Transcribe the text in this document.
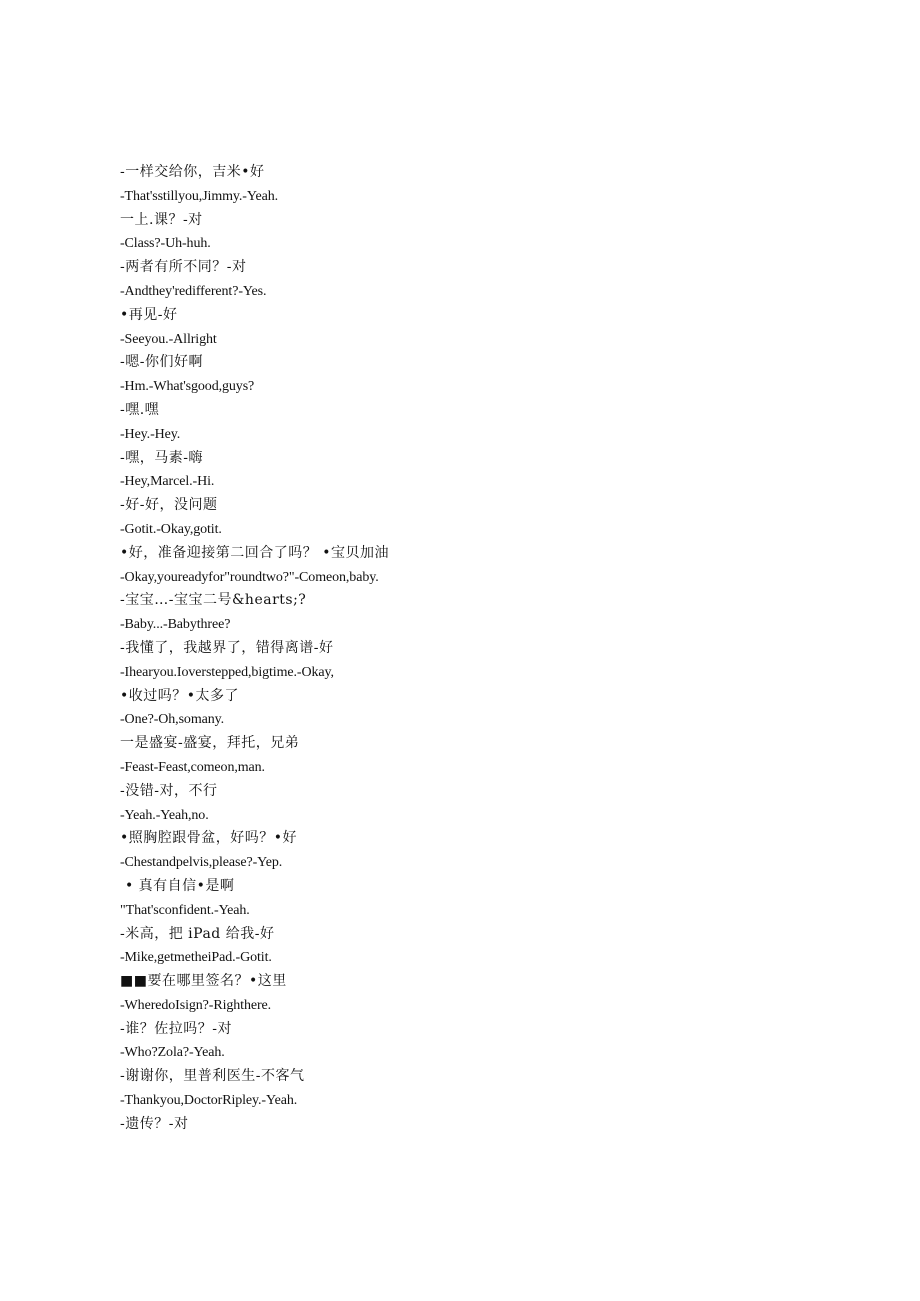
-一样交给你，吉米•好
-That'sstillyou,Jimmy.-Yeah.
一上.课？-对
-Class?-Uh-huh.
-两者有所不同？-对
-Andthey'redifferent?-Yes.
•再见-好
-Seeyou.-Allright
-嗯-你们好啊
-Hm.-What'sgood,guys?
-嘿.嘿
-Hey.-Hey.
-嘿，马素-嗨
-Hey,Marcel.-Hi.
-好-好，没问题
-Gotit.-Okay,gotit.
•好，准备迎接第二回合了吗？ •宝贝加油
-Okay,youreadyfor"roundtwo?"-Comeon,baby.
-宝宝…-宝宝二号&hearts;?
-Baby...-Babythree?
-我懂了，我越界了，错得离谱-好
-Ihearyou.Ioverstepped,bigtime.-Okay,
•收过吗？•太多了
-One?-Oh,somany.
一是盛宴-盛宴，拜托，兄弟
-Feast-Feast,comeon,man.
-没错-对，不行
-Yeah.-Yeah,no.
•照胸腔跟骨盆，好吗？•好
-Chestandpelvis,please?-Yep.
• 真有自信•是啊
"That'sconfident.-Yeah.
-米高，把 iPad 给我-好
-Mike,getmetheiPad.-Gotit.
■■要在哪里签名？•这里
-WheredoIsign?-Righthere.
-谁？佐拉吗？-对
-Who?Zola?-Yeah.
-谢谢你，里普利医生-不客气
-Thankyou,DoctorRipley.-Yeah.
-遗传？-对
